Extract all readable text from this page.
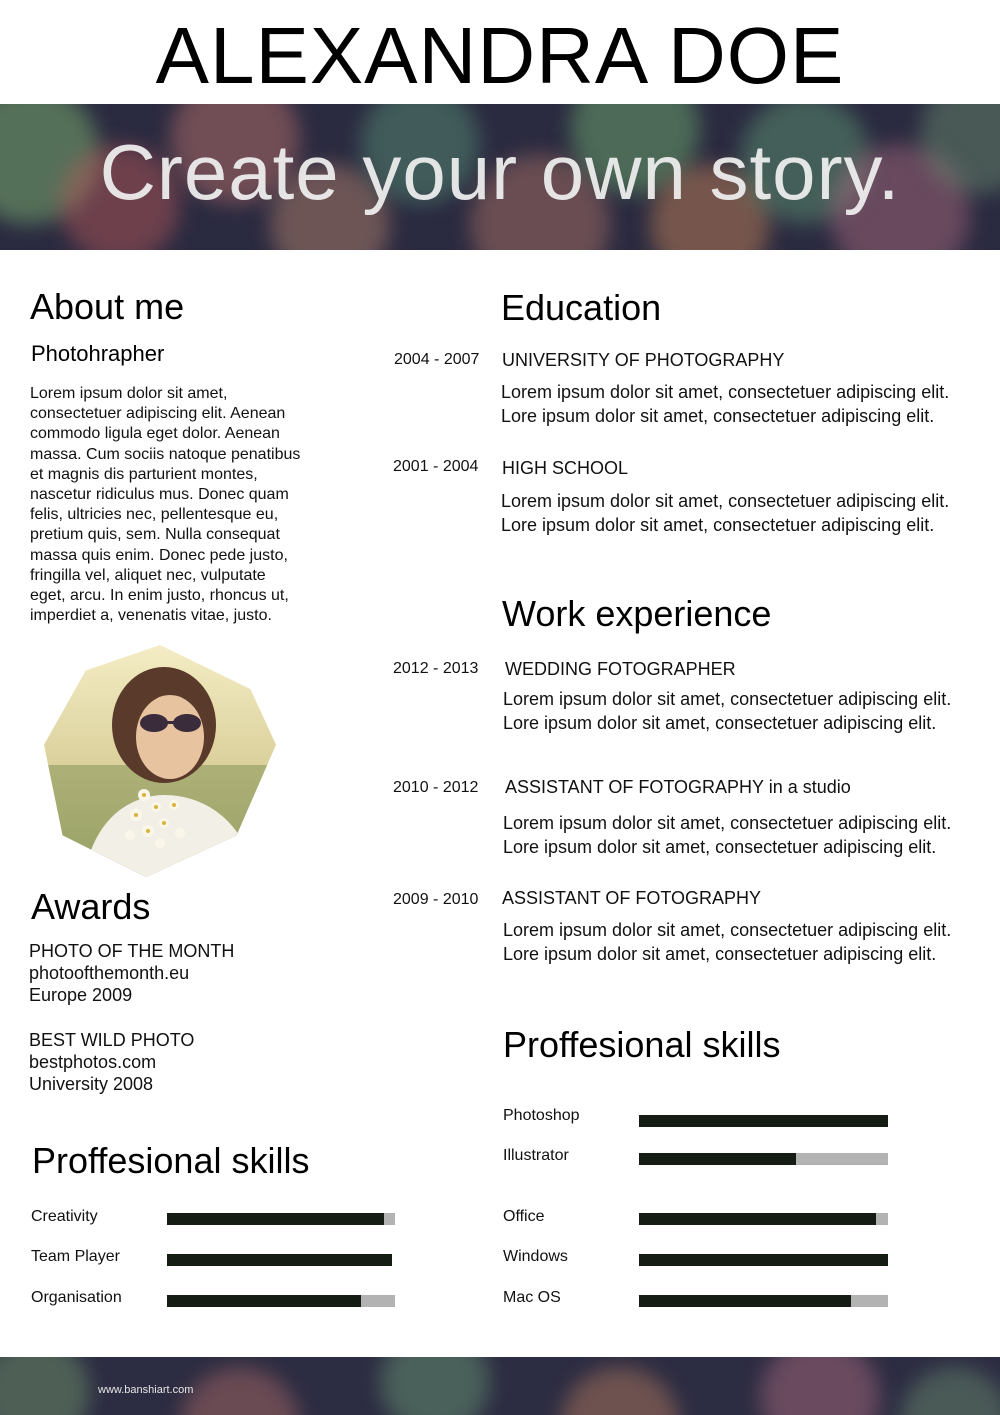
ALEXANDRA DOE
Create your own story.
About me
Photohrapher
Lorem ipsum dolor sit amet,
consectetuer adipiscing elit. Aenean
commodo ligula eget dolor. Aenean
massa. Cum sociis natoque penatibus
et magnis dis parturient montes,
nascetur ridiculus mus. Donec quam
felis, ultricies nec, pellentesque eu,
pretium quis, sem. Nulla consequat
massa quis enim. Donec pede justo,
fringilla vel, aliquet nec, vulputate
eget, arcu. In enim justo, rhoncus ut,
imperdiet a, venenatis vitae, justo.
Awards
PHOTO OF THE MONTH
photoofthemonth.eu
Europe 2009
BEST WILD PHOTO
bestphotos.com
University 2008
Proffesional skills
Creativity
Team Player
Organisation
Education
2004 - 2007 UNIVERSITY OF PHOTOGRAPHY
Lorem ipsum dolor sit amet, consectetuer adipiscing elit.
Lore ipsum dolor sit amet, consectetuer adipiscing elit.
2001 - 2004 HIGH SCHOOL
Lorem ipsum dolor sit amet, consectetuer adipiscing elit.
Lore ipsum dolor sit amet, consectetuer adipiscing elit.
Work experience
2012 - 2013 WEDDING FOTOGRAPHER
Lorem ipsum dolor sit amet, consectetuer adipiscing elit.
Lore ipsum dolor sit amet, consectetuer adipiscing elit.
2010 - 2012 ASSISTANT OF FOTOGRAPHY in a studio
Lorem ipsum dolor sit amet, consectetuer adipiscing elit.
Lore ipsum dolor sit amet, consectetuer adipiscing elit.
2009 - 2010 ASSISTANT OF FOTOGRAPHY
Lorem ipsum dolor sit amet, consectetuer adipiscing elit.
Lore ipsum dolor sit amet, consectetuer adipiscing elit.
Proffesional skills
Photoshop
Illustrator
Office
Windows
Mac OS
www.banshiart.com
